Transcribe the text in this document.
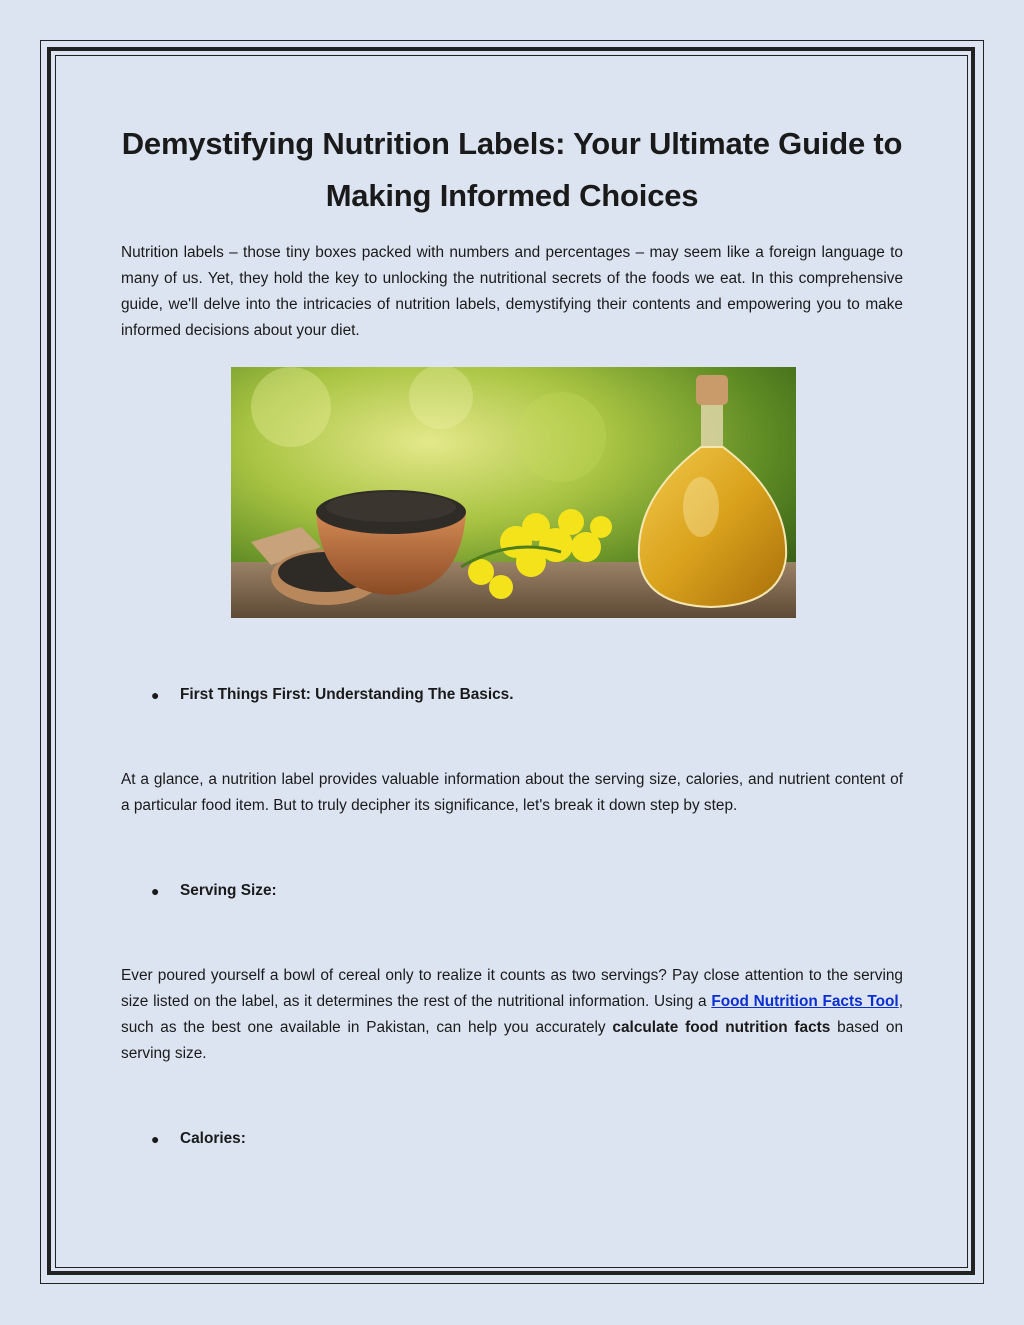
Demystifying Nutrition Labels: Your Ultimate Guide to Making Informed Choices

Nutrition labels – those tiny boxes packed with numbers and percentages – may seem like a foreign language to many of us. Yet, they hold the key to unlocking the nutritional secrets of the foods we eat. In this comprehensive guide, we'll delve into the intricacies of nutrition labels, demystifying their contents and empowering you to make informed decisions about your diet.

●	First Things First: Understanding The Basics.

At a glance, a nutrition label provides valuable information about the serving size, calories, and nutrient content of a particular food item. But to truly decipher its significance, let's break it down step by step.

●	Serving Size:

Ever poured yourself a bowl of cereal only to realize it counts as two servings? Pay close attention to the serving size listed on the label, as it determines the rest of the nutritional information. Using a Food Nutrition Facts Tool, such as the best one available in Pakistan, can help you accurately calculate food nutrition facts based on serving size.

●	Calories:
